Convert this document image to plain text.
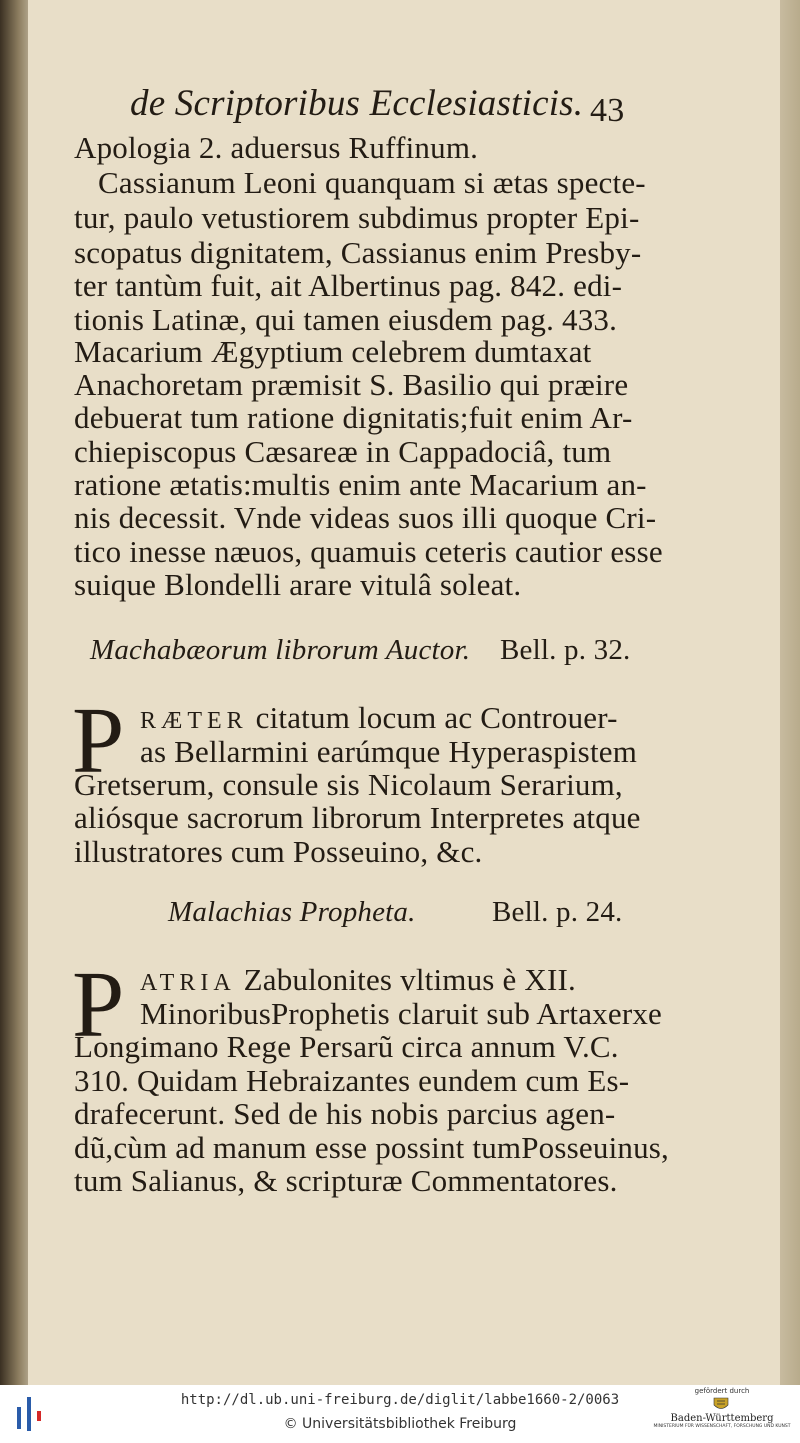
de Scriptoribus Ecclesiasticis. 43
Apologia 2. aduersus Ruffinum.
Cassianum Leoni quanquam si ætas specte-
tur, paulo vetustiorem subdimus propter Epi-
scopatus dignitatem, Cassianus enim Presby-
ter tantùm fuit, ait Albertinus pag. 842. edi-
tionis Latinæ, qui tamen eiusdem pag. 433.
Macarium Ægyptium celebrem dumtaxat
Anachoretam præmisit S. Basilio qui præire
debuerat tum ratione dignitatis;fuit enim Ar-
chiepiscopus Cæsareæ in Cappadociâ, tum
ratione ætatis:multis enim ante Macarium an-
nis decessit. Vnde videas suos illi quoque Cri-
tico inesse næuos, quamuis ceteris cautior esse
suique Blondelli arare vitulâ soleat.
Machabæorum librorum Auctor. Bell. p. 32.
P RÆTER citatum locum ac Controuer-
as Bellarmini earúmque Hyperaspistem
Gretserum, consule sis Nicolaum Serarium,
aliósque sacrorum librorum Interpretes atque
illustratores cum Posseuino, &c.
Malachias Propheta.	Bell. p. 24.
P ATRIA Zabulonites vltimus è XII.
MinoribusProphetis claruit sub Artaxerxe
Longimano Rege Persarũ circa annum V.C.
310. Quidam Hebraizantes eundem cum Es-
drafecerunt. Sed de his nobis parcius agen-
dũ,cùm ad manum esse possint tumPosseuinus,
tum Salianus, & scripturæ Commentatores.
http://dl.ub.uni-freiburg.de/diglit/labbe1660-2/0063
© Universitätsbibliothek Freiburg
gefördert durch
Baden-Württemberg
MINISTERIUM FÜR WISSENSCHAFT, FORSCHUNG UND KUNST
